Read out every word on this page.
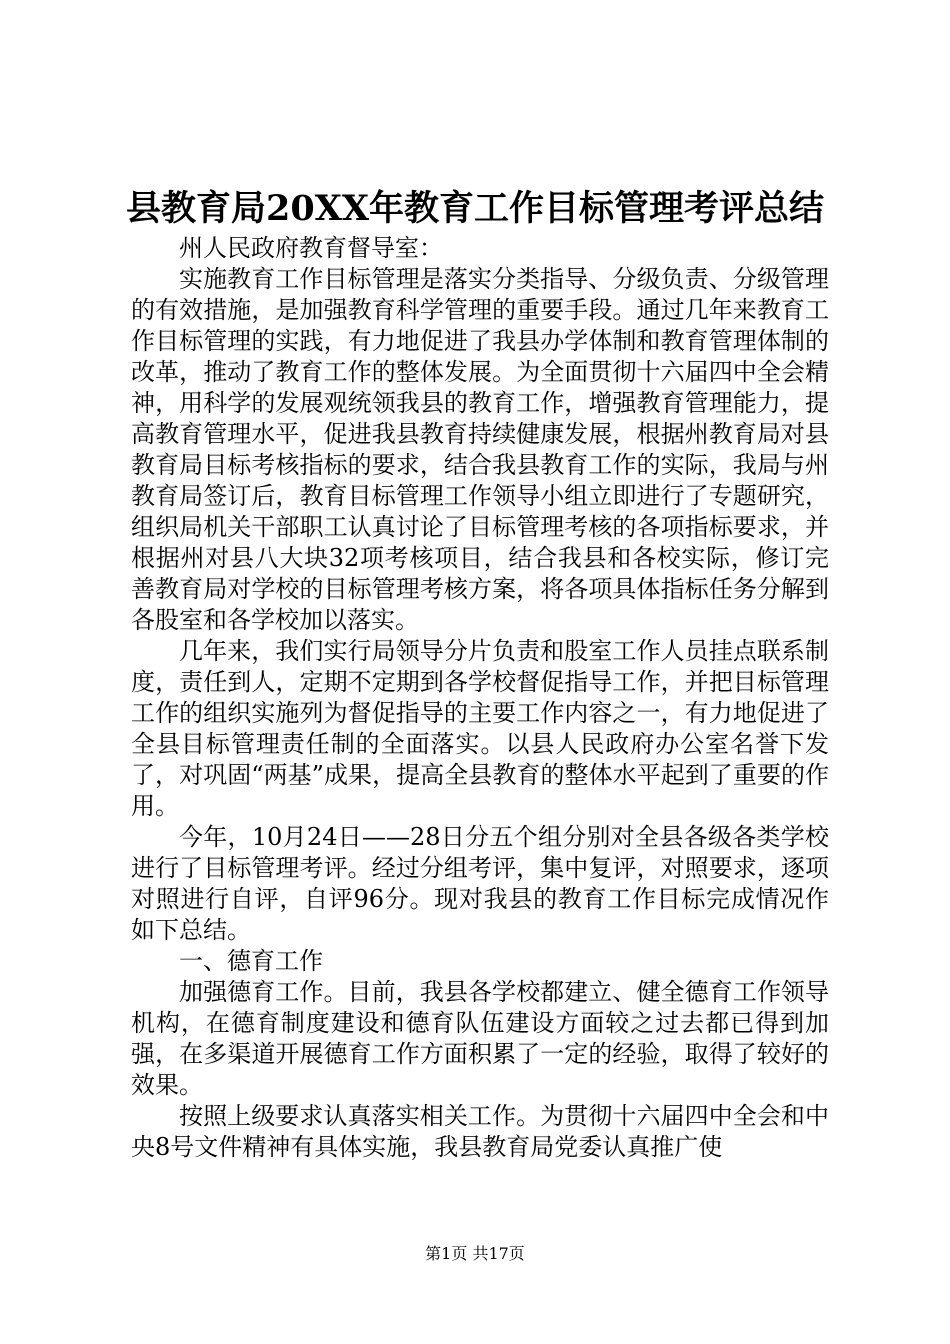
县教育局20XX年教育工作目标管理考评总结

州人民政府教育督导室：

实施教育工作目标管理是落实分类指导、分级负责、分级管理的有效措施，是加强教育科学管理的重要手段。通过几年来教育工作目标管理的实践，有力地促进了我县办学体制和教育管理体制的改革，推动了教育工作的整体发展。为全面贯彻十六届四中全会精神，用科学的发展观统领我县的教育工作，增强教育管理能力，提高教育管理水平，促进我县教育持续健康发展，根据州教育局对县教育局目标考核指标的要求，结合我县教育工作的实际，我局与州教育局签订后，教育目标管理工作领导小组立即进行了专题研究，组织局机关干部职工认真讨论了目标管理考核的各项指标要求，并根据州对县八大块32项考核项目，结合我县和各校实际，修订完善教育局对学校的目标管理考核方案，将各项具体指标任务分解到各股室和各学校加以落实。

几年来，我们实行局领导分片负责和股室工作人员挂点联系制度，责任到人，定期不定期到各学校督促指导工作，并把目标管理工作的组织实施列为督促指导的主要工作内容之一，有力地促进了全县目标管理责任制的全面落实。以县人民政府办公室名誉下发了，对巩固“两基”成果，提高全县教育的整体水平起到了重要的作用。

今年，10月24日——28日分五个组分别对全县各级各类学校进行了目标管理考评。经过分组考评，集中复评，对照要求，逐项对照进行自评，自评96分。现对我县的教育工作目标完成情况作如下总结。

一、德育工作

加强德育工作。目前，我县各学校都建立、健全德育工作领导机构，在德育制度建设和德育队伍建设方面较之过去都已得到加强，在多渠道开展德育工作方面积累了一定的经验，取得了较好的效果。

按照上级要求认真落实相关工作。为贯彻十六届四中全会和中央8号文件精神有具体实施，我县教育局党委认真推广使

第1页 共17页
